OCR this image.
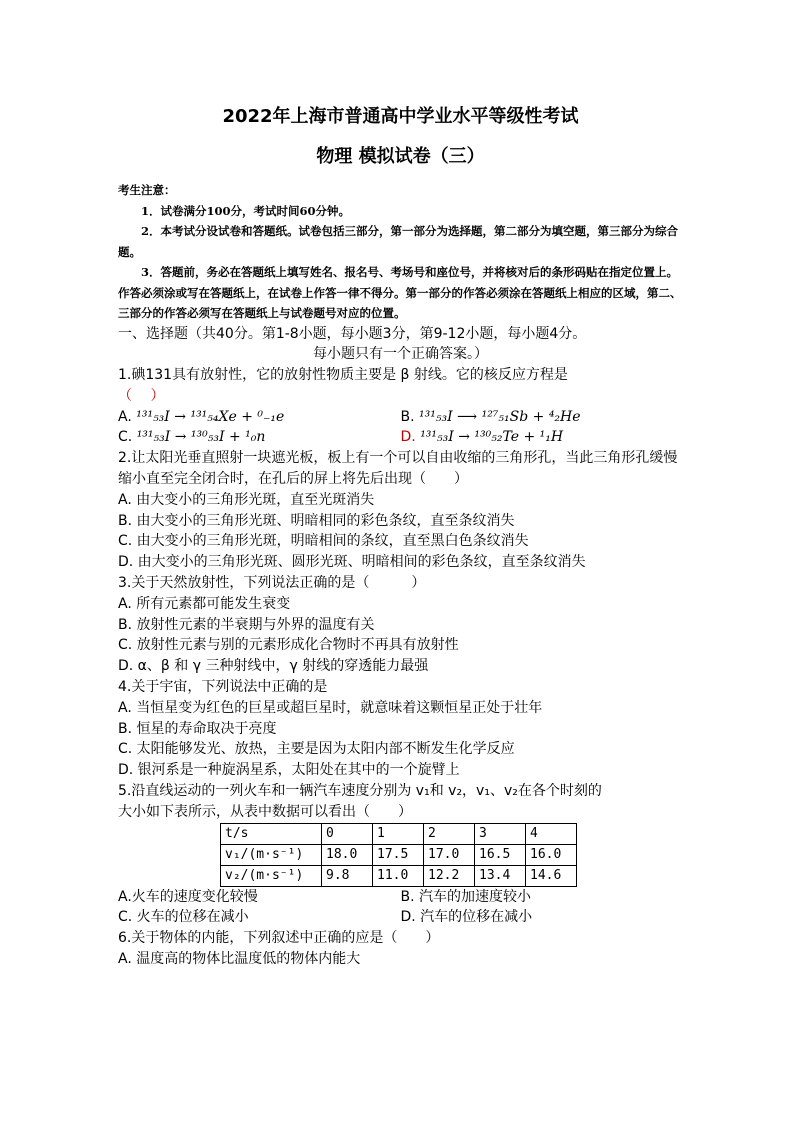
2022年上海市普通高中学业水平等级性考试
物理 模拟试卷（三）
考生注意：
1．试卷满分100分，考试时间60分钟。
2．本考试分设试卷和答题纸。试卷包括三部分，第一部分为选择题，第二部分为填空题，第三部分为综合题。
3．答题前，务必在答题纸上填写姓名、报名号、考场号和座位号，并将核对后的条形码贴在指定位置上。作答必须涂或写在答题纸上，在试卷上作答一律不得分。第一部分的作答必须涂在答题纸上相应的区域，第二、三部分的作答必须写在答题纸上与试卷题号对应的位置。
一、选择题（共40分。第1-8小题，每小题3分，第9-12小题，每小题4分。
每小题只有一个正确答案。）
1.碘131具有放射性，它的放射性物质主要是 β 射线。它的核反应方程是
（　 ）
A. ¹³¹₅₃I → ¹³¹₅₄Xe + ⁰₋₁e	B. ¹³¹₅₃I ⟶ ¹²⁷₅₁Sb + ⁴₂He
C. ¹³¹₅₃I → ¹³⁰₅₃I + ¹₀n	D. ¹³¹₅₃I → ¹³⁰₅₂Te + ¹₁H
2.让太阳光垂直照射一块遮光板，板上有一个可以自由收缩的三角形孔，当此三角形孔缓慢缩小直至完全闭合时，在孔后的屏上将先后出现（　　）
A. 由大变小的三角形光斑，直至光斑消失
B. 由大变小的三角形光斑、明暗相同的彩色条纹，直至条纹消失
C. 由大变小的三角形光斑，明暗相间的条纹，直至黑白色条纹消失
D. 由大变小的三角形光斑、圆形光斑、明暗相间的彩色条纹，直至条纹消失
3.关于天然放射性，下列说法正确的是（　　　）
A. 所有元素都可能发生衰变
B. 放射性元素的半衰期与外界的温度有关
C. 放射性元素与别的元素形成化合物时不再具有放射性
D. α、β 和 γ 三种射线中，γ 射线的穿透能力最强
4.关于宇宙，下列说法中正确的是
A. 当恒星变为红色的巨星或超巨星时，就意味着这颗恒星正处于壮年
B. 恒星的寿命取决于亮度
C. 太阳能够发光、放热，主要是因为太阳内部不断发生化学反应
D. 银河系是一种旋涡星系，太阳处在其中的一个旋臂上
5.沿直线运动的一列火车和一辆汽车速度分别为 v₁和 v₂，v₁、v₂在各个时刻的
大小如下表所示，从表中数据可以看出（　　）
t/s	0	1	2	3	4
v₁/(m·s⁻¹)	18.0	17.5	17.0	16.5	16.0
v₂/(m·s⁻¹)	9.8	11.0	12.2	13.4	14.6
A.火车的速度变化较慢	B. 汽车的加速度较小
C. 火车的位移在减小	D. 汽车的位移在减小
6.关于物体的内能，下列叙述中正确的应是（　　）
A. 温度高的物体比温度低的物体内能大
